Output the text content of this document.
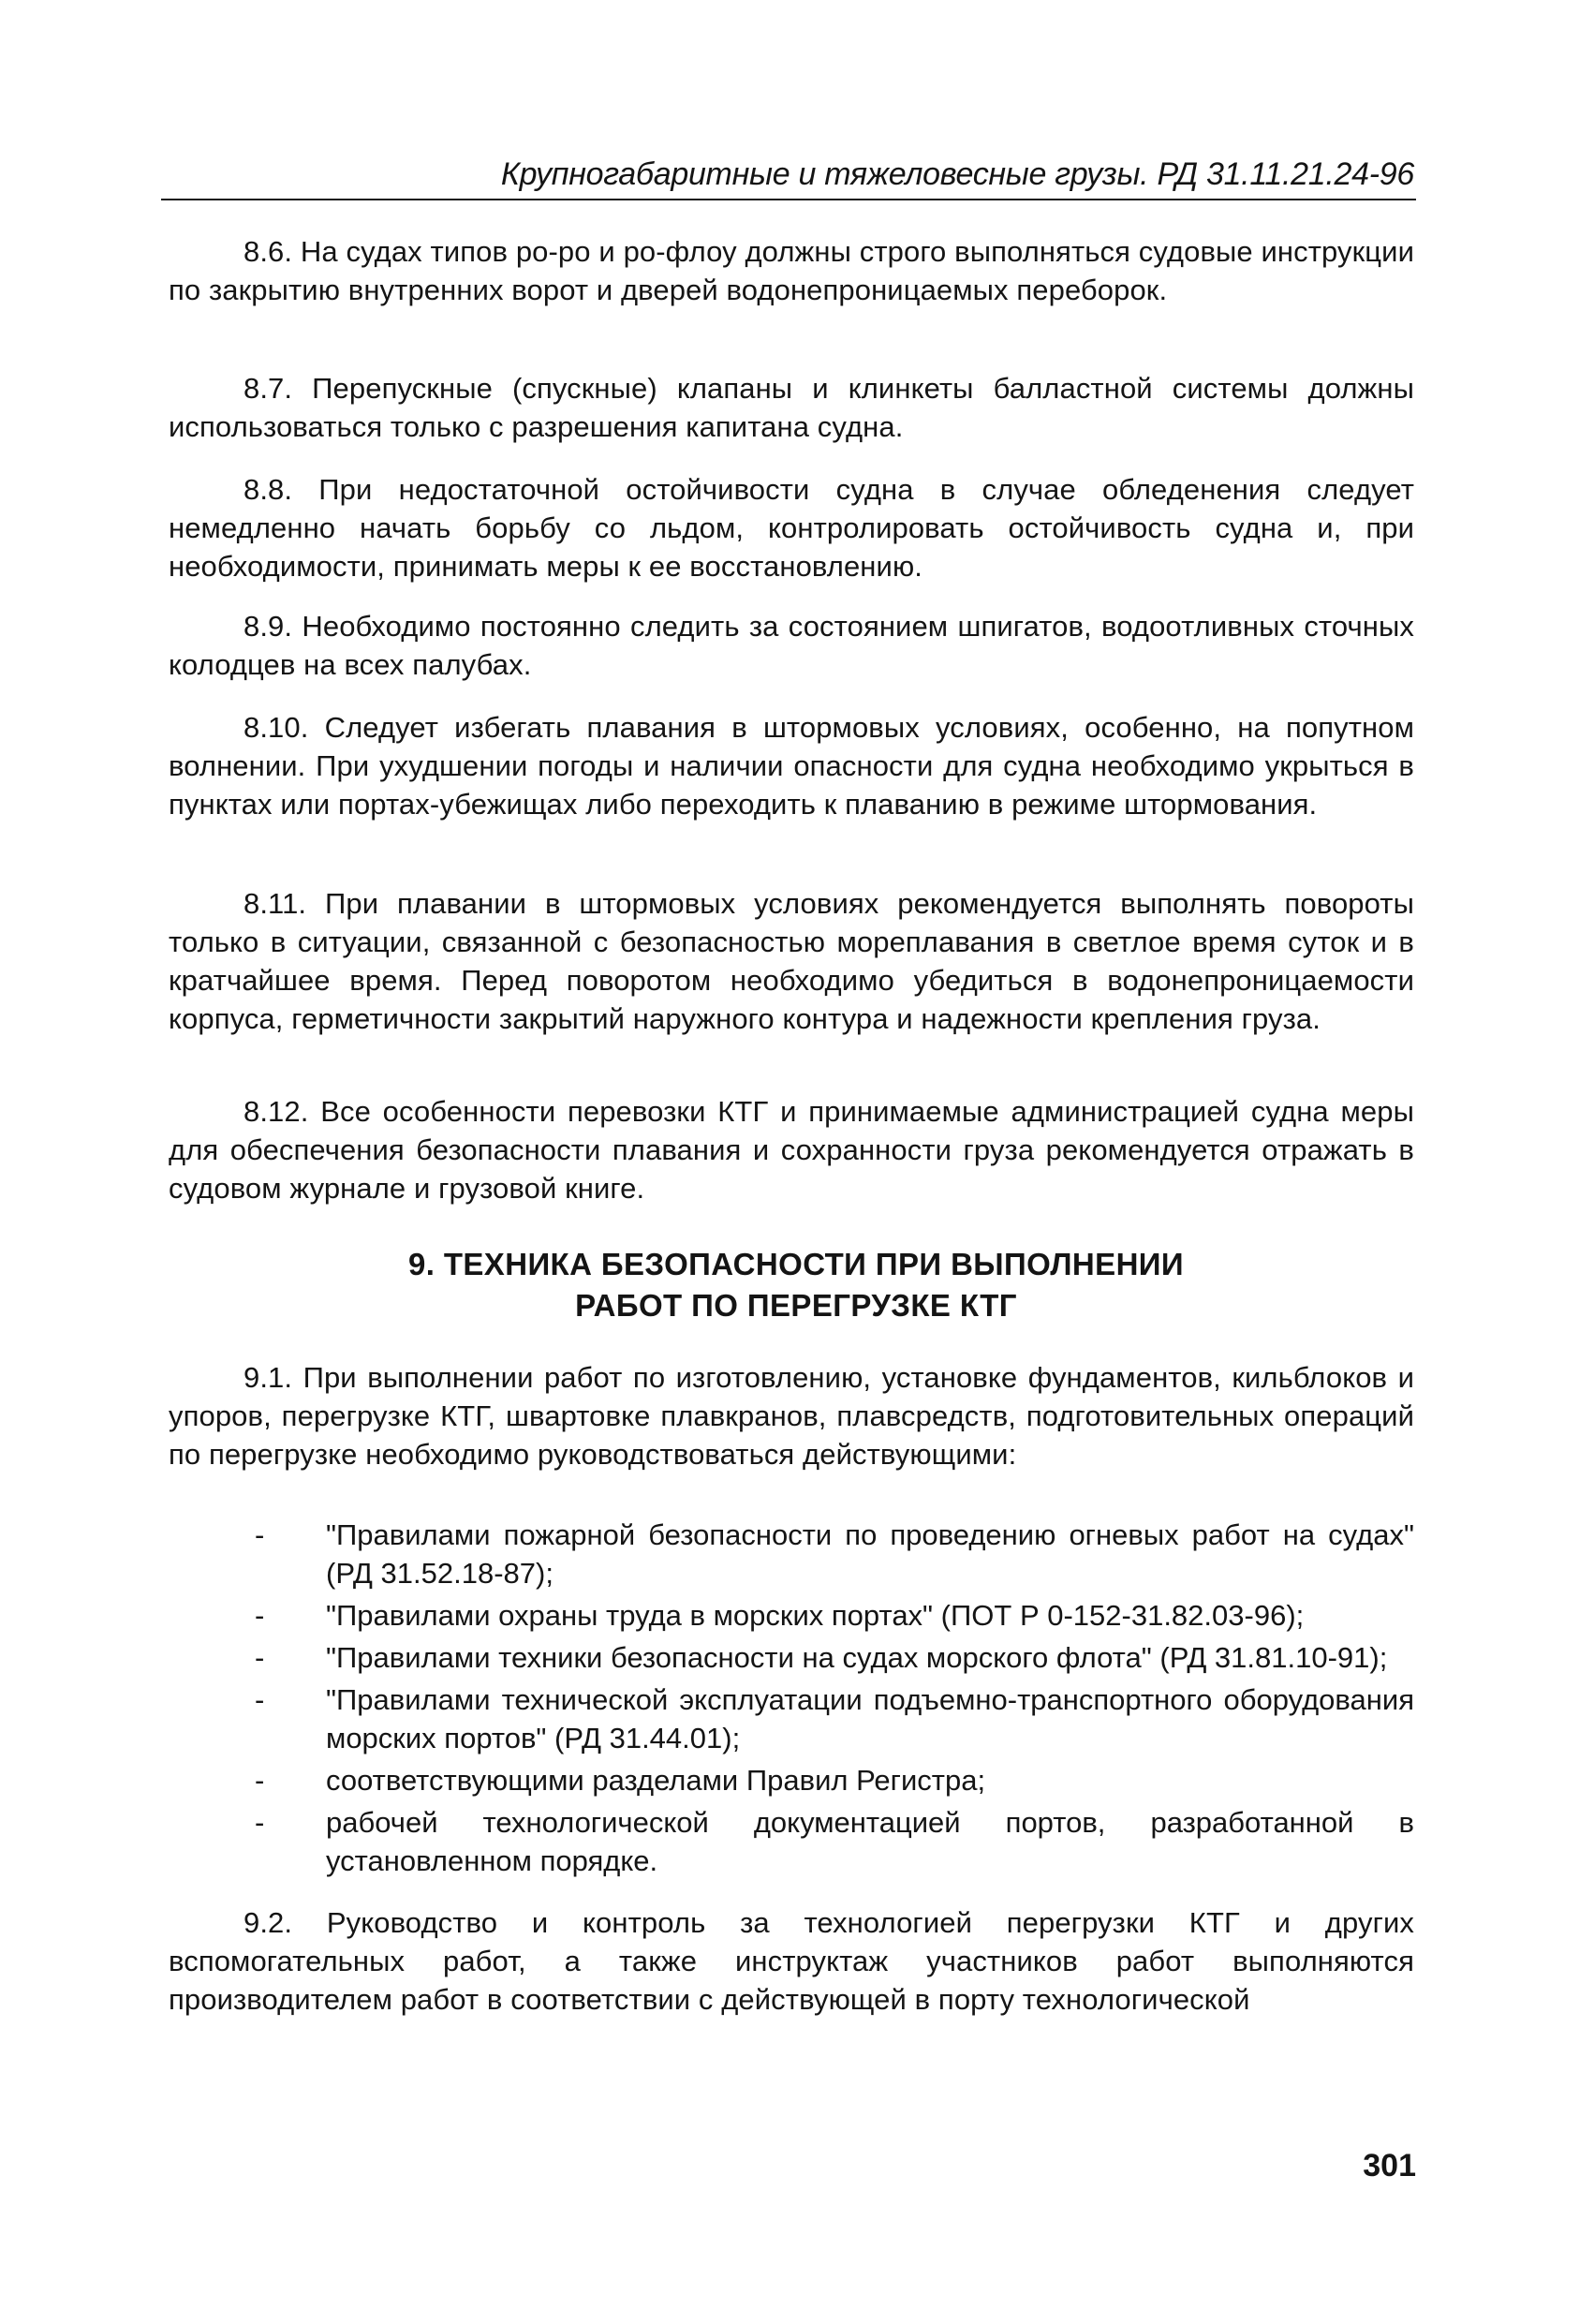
Крупногабаритные и тяжеловесные грузы. РД 31.11.21.24-96

8.6. На судах типов ро-ро и ро-флоу должны строго выполняться судовые инструкции по закрытию внутренних ворот и дверей водонепроницаемых переборок.

8.7. Перепускные (спускные) клапаны и клинкеты балластной системы должны использоваться только с разрешения капитана судна.

8.8. При недостаточной остойчивости судна в случае обледенения следует немедленно начать борьбу со льдом, контролировать остойчивость судна и, при необходимости, принимать меры к ее восстановлению.

8.9. Необходимо постоянно следить за состоянием шпигатов, водоотливных сточных колодцев на всех палубах.

8.10. Следует избегать плавания в штормовых условиях, особенно, на попутном волнении. При ухудшении погоды и наличии опасности для судна необходимо укрыться в пунктах или портах-убежищах либо переходить к плаванию в режиме штормования.

8.11. При плавании в штормовых условиях рекомендуется выполнять повороты только в ситуации, связанной с безопасностью мореплавания в светлое время суток и в кратчайшее время. Перед поворотом необходимо убедиться в водонепроницаемости корпуса, герметичности закрытий наружного контура и надежности крепления груза.

8.12. Все особенности перевозки КТГ и принимаемые администрацией судна меры для обеспечения безопасности плавания и сохранности груза рекомендуется отражать в судовом журнале и грузовой книге.

9. ТЕХНИКА БЕЗОПАСНОСТИ ПРИ ВЫПОЛНЕНИИ
РАБОТ ПО ПЕРЕГРУЗКЕ КТГ

9.1. При выполнении работ по изготовлению, установке фундаментов, кильблоков и упоров, перегрузке КТГ, швартовке плавкранов, плавсредств, подготовительных операций по перегрузке необходимо руководствоваться действующими:

- "Правилами пожарной безопасности по проведению огневых работ на судах" (РД 31.52.18-87);
- "Правилами охраны труда в морских портах" (ПОТ Р 0-152-31.82.03-96);
- "Правилами техники безопасности на судах морского флота" (РД 31.81.10-91);
- "Правилами технической эксплуатации подъемно-транспортного оборудования морских портов" (РД 31.44.01);
- соответствующими разделами Правил Регистра;
- рабочей технологической документацией портов, разработанной в установленном порядке.

9.2. Руководство и контроль за технологией перегрузки КТГ и других вспомогательных работ, а также инструктаж участников работ выполняются производителем работ в соответствии с действующей в порту технологической

301
